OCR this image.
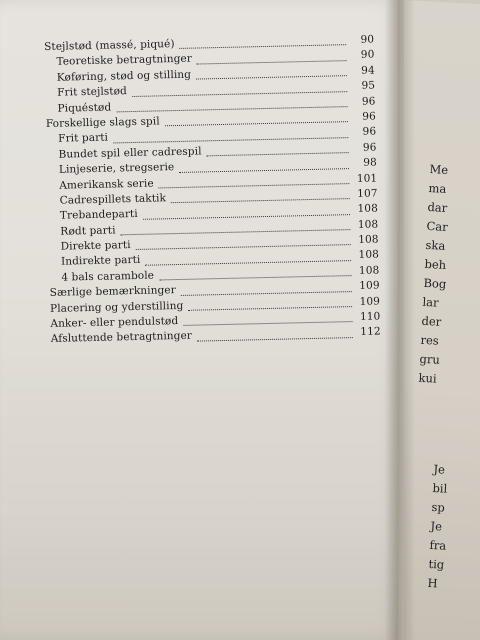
Stejlstød (massé, piqué)	90
Teoretiske betragtninger	90
Køføring, stød og stilling	94
Frit stejlstød	95
Piquéstød	96
Forskellige slags spil	96
Frit parti	96
Bundet spil eller cadrespil	96
Linjeserie, stregserie	98
Amerikansk serie	101
Cadrespillets taktik	107
Trebandeparti	108
Rødt parti	108
Direkte parti	108
Indirekte parti	108
4 bals carambole	108
Særlige bemærkninger	109
Placering og yderstilling	109
Anker- eller pendulstød	110
Afsluttende betragtninger	112
Me
ma
dar
Car
ska
beh
Bog
lar
der
res
gru
kui
Je
bil
sp
Je
fra
tig
H
